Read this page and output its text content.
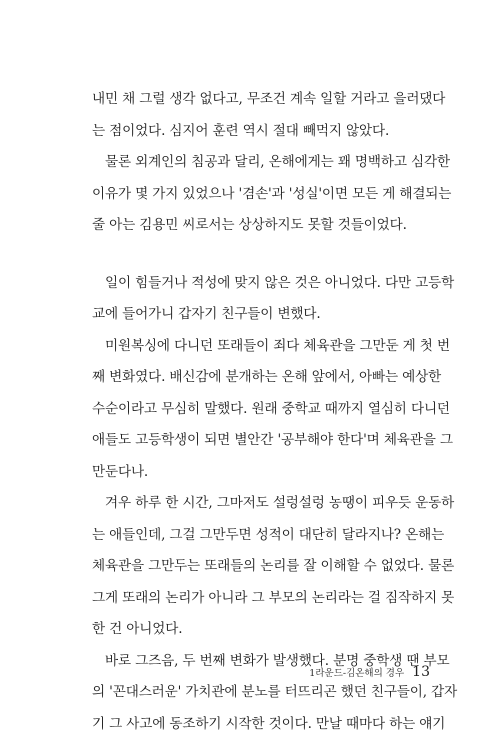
내민 채 그럴 생각 없다고, 무조건 계속 일할 거라고 을러댔다
는 점이었다. 심지어 훈련 역시 절대 빼먹지 않았다.
물론 외계인의 침공과 달리, 온해에게는 꽤 명백하고 심각한
이유가 몇 가지 있었으나 '겸손'과 '성실'이면 모든 게 해결되는
줄 아는 김용민 씨로서는 상상하지도 못할 것들이었다.
일이 힘들거나 적성에 맞지 않은 것은 아니었다. 다만 고등학
교에 들어가니 갑자기 친구들이 변했다.
미원복싱에 다니던 또래들이 죄다 체육관을 그만둔 게 첫 번
째 변화였다. 배신감에 분개하는 온해 앞에서, 아빠는 예상한
수순이라고 무심히 말했다. 원래 중학교 때까지 열심히 다니던
애들도 고등학생이 되면 별안간 '공부해야 한다'며 체육관을 그
만둔다나.
겨우 하루 한 시간, 그마저도 설렁설렁 농땡이 피우듯 운동하
는 애들인데, 그걸 그만두면 성적이 대단히 달라지나? 온해는
체육관을 그만두는 또래들의 논리를 잘 이해할 수 없었다. 물론
그게 또래의 논리가 아니라 그 부모의 논리라는 걸 짐작하지 못
한 건 아니었다.
바로 그즈음, 두 번째 변화가 발생했다. 분명 중학생 땐 부모
의 '꼰대스러운' 가치관에 분노를 터뜨리곤 했던 친구들이, 갑자
기 그 사고에 동조하기 시작한 것이다. 만날 때마다 하는 얘기
1라운드-김온해의 경우 13
